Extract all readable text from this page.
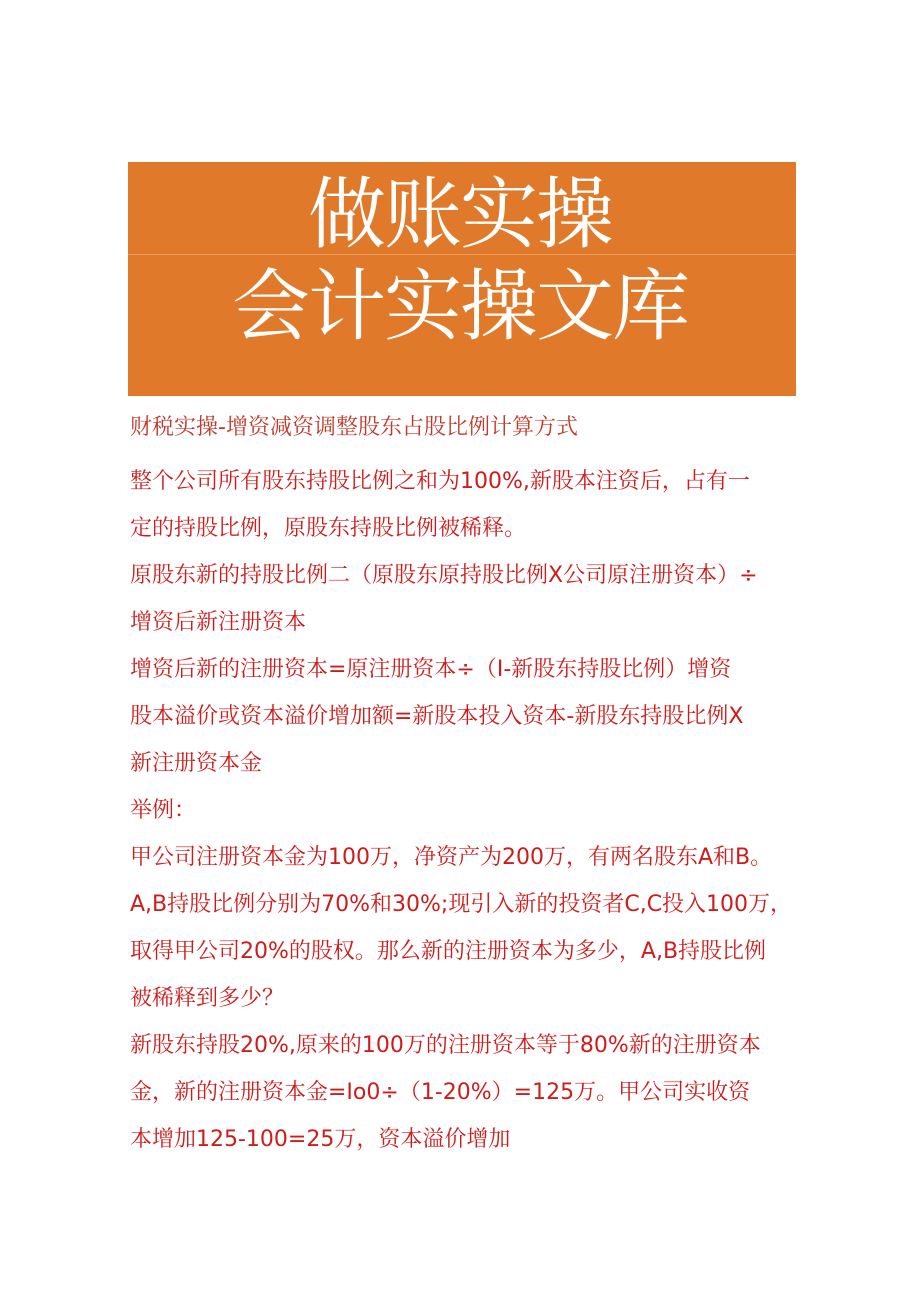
做账实操
会计实操文库
财税实操-增资减资调整股东占股比例计算方式
整个公司所有股东持股比例之和为100%,新股本注资后，占有一
定的持股比例，原股东持股比例被稀释。
原股东新的持股比例二（原股东原持股比例X公司原注册资本）÷
增资后新注册资本
增资后新的注册资本=原注册资本÷（I-新股东持股比例）增资
股本溢价或资本溢价增加额=新股本投入资本-新股东持股比例X
新注册资本金
举例：
甲公司注册资本金为100万，净资产为200万，有两名股东A和B。
A,B持股比例分别为70%和30%;现引入新的投资者C,C投入100万，
取得甲公司20%的股权。那么新的注册资本为多少，A,B持股比例
被稀释到多少？
新股东持股20%,原来的100万的注册资本等于80%新的注册资本
金，新的注册资本金=Io0÷（1-20%）=125万。甲公司实收资
本增加125-100=25万，资本溢价增加
